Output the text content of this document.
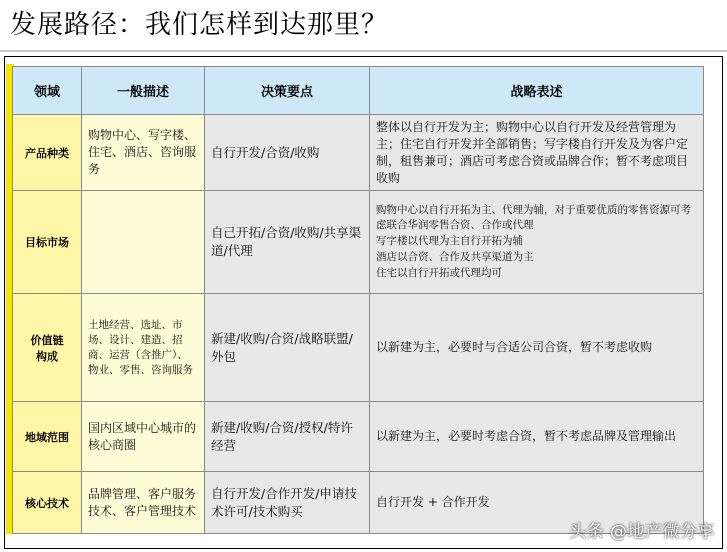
发展路径：我们怎样到达那里？
领域	一般描述	决策要点	战略表述
产品种类	购物中心、写字楼、住宅、酒店、咨询服务	自行开发/合资/收购	整体以自行开发为主；购物中心以自行开发及经营管理为主；住宅自行开发并全部销售；写字楼自行开发及为客户定制，租售兼可；酒店可考虑合资或品牌合作；暂不考虑项目收购
目标市场		自己开拓/合资/收购/共享渠道/代理	购物中心以自行开拓为主、代理为辅，对于重要优质的零售资源可考虑联合华润零售合资、合作或代理
写字楼以代理为主自行开拓为辅
酒店以合资、合作及共享渠道为主
住宅以自行开拓或代理均可

价值链
构成	土地经营、选址、市场、设计、建造、招商、运营（含推广）、物业、零售、咨询服务	新建/收购/合资/战略联盟/外包	以新建为主，必要时与合适公司合资，暂不考虑收购
地域范围	国内区域中心城市的核心商圈	新建/收购/合资/授权/特许经营	以新建为主，必要时考虑合资，暂不考虑品牌及管理输出
核心技术	品牌管理、客户服务技术、客户管理技术	自行开发/合作开发/申请技术许可/技术购买	自行开发 + 合作开发
头条 @地产微分享
